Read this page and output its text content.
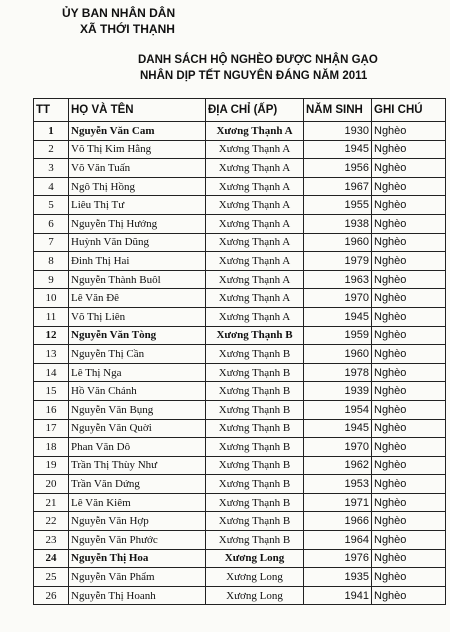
ỦY BAN NHÂN DÂN
XÃ THỚI THẠNH
DANH SÁCH HỘ NGHÈO ĐƯỢC NHẬN GẠO
NHÂN DỊP TẾT NGUYÊN ĐÁNG NĂM 2011
TT	HỌ VÀ TÊN	ĐỊA CHỈ (ẤP)	NĂM SINH	GHI CHÚ
1	Nguyễn Văn Cam	Xương Thạnh A	1930	Nghèo
2	Võ Thị Kim Hằng	Xương Thạnh A	1945	Nghèo
3	Võ Văn Tuấn	Xương Thạnh A	1956	Nghèo
4	Ngô Thị Hồng	Xương Thạnh A	1967	Nghèo
5	Liêu Thị Tư	Xương Thạnh A	1955	Nghèo
6	Nguyễn Thị Hướng	Xương Thạnh A	1938	Nghèo
7	Huỳnh Văn Dũng	Xương Thạnh A	1960	Nghèo
8	Đinh Thị Hai	Xương Thạnh A	1979	Nghèo
9	Nguyễn Thành Buôl	Xương Thạnh A	1963	Nghèo
10	Lê Văn Đê	Xương Thạnh A	1970	Nghèo
11	Võ Thị Liên	Xương Thạnh A	1945	Nghèo
12	Nguyễn Văn Tòng	Xương Thạnh B	1959	Nghèo
13	Nguyễn Thị Cần	Xương Thạnh B	1960	Nghèo
14	Lê Thị Nga	Xương Thạnh B	1978	Nghèo
15	Hồ Văn Chánh	Xương Thạnh B	1939	Nghèo
16	Nguyễn Văn Bụng	Xương Thạnh B	1954	Nghèo
17	Nguyễn Văn Quời	Xương Thạnh B	1945	Nghèo
18	Phan Văn Dô	Xương Thạnh B	1970	Nghèo
19	Trần Thị Thùy Như	Xương Thạnh B	1962	Nghèo
20	Trần Văn Dứng	Xương Thạnh B	1953	Nghèo
21	Lê Văn Kiêm	Xương Thạnh B	1971	Nghèo
22	Nguyễn Văn Hợp	Xương Thạnh B	1966	Nghèo
23	Nguyễn Văn Phước	Xương Thạnh B	1964	Nghèo
24	Nguyễn Thị Hoa	Xương Long	1976	Nghèo
25	Nguyễn Văn Phẩm	Xương Long	1935	Nghèo
26	Nguyễn Thị Hoanh	Xương Long	1941	Nghèo
